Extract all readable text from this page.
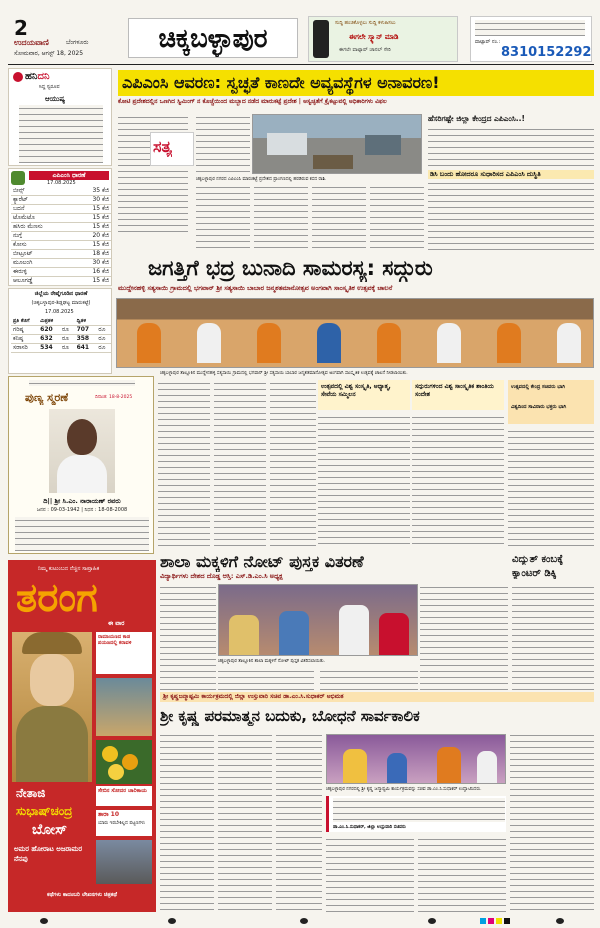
2
ಉದಯವಾಣಿ	ಬೆಂಗಳೂರು
ಸೋಮವಾರ, ಆಗಸ್ಟ್ 18, 2025	ಚಿಕ್ಕಬಳ್ಳಾಪುರ
ಸುದ್ದಿ ಹಂಚಿಕೊಳ್ಳಲು ಸುದ್ದಿ ಕಳುಹಿಸಲು
ಈಗಲೇ ಸ್ಕ್ಯಾನ್ ಮಾಡಿ
ಈಗಲೇ ವಾಟ್ಸಾಪ್ ಚಾನಲ್ ಸೇರಿ
ವಾಟ್ಸಾಪ್ ನಂ.:
8310152292
ಹನಿದನಿ
ಸಿದ್ದ ಸ್ವರೂಪ
ಆಯುಷ್ಯ
ಎಪಿಎಂಸಿ ಧಾರಣೆ
17.08.2025
ಬೀನ್ಸ್	35 ಕೆಜಿ
ಕ್ಯಾರೆಟ್	30 ಕೆಜಿ
ಬದನೆ	15 ಕೆಜಿ
ಟೊಮೆಟೊ	15 ಕೆಜಿ
ಹಸಿರು ಮೆಣಸು	15 ಕೆಜಿ
ನುಗ್ಗೆ	20 ಕೆಜಿ
ಕೋಸು	15 ಕೆಜಿ
ಬೀಟ್ರೂಟ್	18 ಕೆಜಿ
ಮೂಲಂಗಿ	30 ಕೆಜಿ
ಈರುಳ್ಳಿ	16 ಕೆಜಿ
ಆಲೂಗಡ್ಡೆ	15 ಕೆಜಿ
ಜಿಲ್ಲೆಯ ರೇಷ್ಮೆಗೂಡಿನ ಧಾರಣೆ
(ಚಿಕ್ಕಬಳ್ಳಾಪುರ-ಶಿಡ್ಲಘಟ್ಟ ಮಾರುಕಟ್ಟೆ)
17.08.2025
ಪ್ರತಿ ಕೆಜಿಗೆ	ಮಿಶ್ರತಳಿ		ದ್ವಿತಳಿ	
ಗರಿಷ್ಠ	620	ರೂ	707	ರೂ
ಕನಿಷ್ಠ	632	ರೂ	358	ರೂ
ಸರಾಸರಿ	534	ರೂ	641	ರೂ
ಪುಣ್ಯ ಸ್ಮರಣೆ	ದಿನಾಂಕ: 18-8-2025
ದಿ|| ಶ್ರೀ ಸಿ.ಎಂ. ನಾರಾಯಣ್‌ ರವರು
ಜನನ : 09-03-1942 | ನಿಧನ : 18-08-2008
ಎಪಿಎಂಸಿ ಆವರಣ: ಸ್ವಚ್ಛತೆ ಕಾಣದೇ ಅವ್ಯವಸ್ಥೆಗಳ ಅನಾವರಣ!
ಕೋಟಿ ಪ್ರದೇಶದಲ್ಲಿನ ಒಣಗಿದ ಸ್ವಿಮಿಂಗ್ ನ ಕೊಚ್ಚೆಯಿಂದ ಮಬ್ಬಾದ ನಡೆದ ಮಾರುಕಟ್ಟೆ ಪ್ರದೇಶ | ಅಸ್ವಚ್ಛತೆಗೆ ಕ್ರೈಕಟ್ಟುವಲ್ಲಿ ಅಧಿಕಾರಿಗಳು ವಿಫಲ
ಸತ್ಯ
ಚಿಕ್ಕಬಳ್ಳಾಪುರ ನಗರದ ಎಪಿಎಂಸಿ ಮಾರುಕಟ್ಟೆ ಪ್ರದೇಶದ ಪ್ರಾಂಗಣದಲ್ಲಿ ಹರಡಿರುವ ಕಸದ ರಾಶಿ.
ಹೆಸರಿಗಷ್ಟೇ ಜಿಲ್ಲಾ ಕೇಂದ್ರದ ಎಪಿಎಂಸಿ..!
ಡಿಸಿ ಬಂದು ಹೋದರೂ ಸುಧಾರಿಸದ ಎಪಿಎಂಸಿ ದುಸ್ಥಿತಿ
ಜಗತ್ತಿಗೆ ಭದ್ರ ಬುನಾದಿ ಸಾಮರಸ್ಯ: ಸದ್ಗುರು
ಮುದ್ದೇನಹಳ್ಳಿ ಸತ್ಯಸಾಯಿ ಗ್ರಾಮದಲ್ಲಿ ಭಗವಾನ್ ಶ್ರೀ ಸತ್ಯಸಾಯಿ ಬಾಬಾರ ಜನ್ಮಶತಮಾನೋತ್ಸವ ಅಂಗವಾಗಿ ಸಾಂಸ್ಕೃತಿಕ ಉತ್ಸವಕ್ಕೆ ಚಾಲನೆ
ಚಿಕ್ಕಬಳ್ಳಾಪುರ ತಾಲ್ಲೂಕಿನ ಮುದ್ದೇನಹಳ್ಳಿ ಸತ್ಯಸಾಯಿ ಗ್ರಾಮದಲ್ಲಿ ಭಗವಾನ್ ಶ್ರೀ ಸತ್ಯಸಾಯಿ ಬಾಬಾರ ಜನ್ಮಶತಮಾನೋತ್ಸವ ಅಂಗವಾಗಿ ಸಾಂಸ್ಕೃತಿಕ ಉತ್ಸವಕ್ಕೆ ಚಾಲನೆ ನೀಡಲಾಯಿತು.
ಉತ್ಸವದಲ್ಲಿ ವಿಶ್ವ ಸಂಸ್ಕೃತಿ, ಆಧ್ಯಾತ್ಮ, ಸೇವೆಯ ಸಮ್ಮಿಲನ
ಸದ್ಗುರುಗಳಿಂದ ವಿಶ್ವ ಸಾಂಸ್ಕೃತಿಕ ಶಾಂತಿಯ ಸಂದೇಶ
ಉತ್ಸವದಲ್ಲಿ ಕೇಂದ್ರ ಸಚಿವರು ಭಾಗಿ
ವಿಶ್ವದಿಂದ ಸಾವಿರಾರು ಭಕ್ತರು ಭಾಗಿ
ಶಾಲಾ ಮಕ್ಕಳಿಗೆ ನೋಟ್ ಪುಸ್ತಕ ವಿತರಣೆ
ವಿದ್ಯಾರ್ಥಿಗಳು ದೇಶದ ದೊಡ್ಡ ಆಸ್ತಿ: ಎಸ್.ಡಿ.ಎಂ.ಸಿ ಅಧ್ಯಕ್ಷ
ಚಿಕ್ಕಬಳ್ಳಾಪುರ ತಾಲ್ಲೂಕಿನ ಶಾಲಾ ಮಕ್ಕಳಿಗೆ ನೋಟ್ ಪುಸ್ತಕ ವಿತರಿಸಲಾಯಿತು.
ವಿದ್ಯುತ್ ಕಂಬಕ್ಕೆ
ಕ್ಯಾಂಟರ್ ಡಿಕ್ಕಿ
ಶ್ರೀ ಕೃಷ್ಣಜನ್ಮಾಷ್ಟಮಿ ಕಾರ್ಯಕ್ರಮದಲ್ಲಿ ಜಿಲ್ಲಾ ಉಸ್ತುವಾರಿ ಸಚಿವ ಡಾ.ಎಂ.ಸಿ.ಸುಧಾಕರ್ ಅಭಿಮತ
ಶ್ರೀ ಕೃಷ್ಣ ಪರಮಾತ್ಮನ ಬದುಕು, ಬೋಧನೆ ಸಾರ್ವಕಾಲಿಕ
ಚಿಕ್ಕಬಳ್ಳಾಪುರ ನಗರದಲ್ಲಿ ಶ್ರೀ ಕೃಷ್ಣ ಜನ್ಮಾಷ್ಟಮಿ ಕಾರ್ಯಕ್ರಮವನ್ನು ಸಚಿವ ಡಾ.ಎಂ.ಸಿ.ಸುಧಾಕರ್ ಉದ್ಘಾಟಿಸಿದರು.
ಡಾ.ಎಂ.ಸಿ.ಸುಧಾಕರ್, ಜಿಲ್ಲಾ ಉಸ್ತುವಾರಿ ಸಚಿವರು
ನಿಮ್ಮ ಕುಟುಂಬದ ನೆಚ್ಚಿನ ಸಾಪ್ತಾಹಿಕ
ತರಂಗ
ಈ ವಾರ
ರಾಮಾಯಣದ ಕಾಡ ಪಯಣದಲ್ಲಿ ಕರಾವಳಿ
ಸೇಬಿನ ಸೋದರ ಚಾರಿಕಾಯ
ತಾರಾ 10
ಯಾರು ಇರಬೇಕಿಲ್ಲದ ಪಟ್ಟಣಗಳು
ನೇತಾಜಿ
ಸುಭಾಷ್‌ಚಂದ್ರ
ಬೋಸ್
ಅಮರ ಹೋರಾಟ ಅಜರಾಮರ ನೆನಪು
ಕಥೆಗಳು ಕಾದಂಬರಿ ಲೇಖನಗಳು ಚಿತ್ರಕಥೆ
